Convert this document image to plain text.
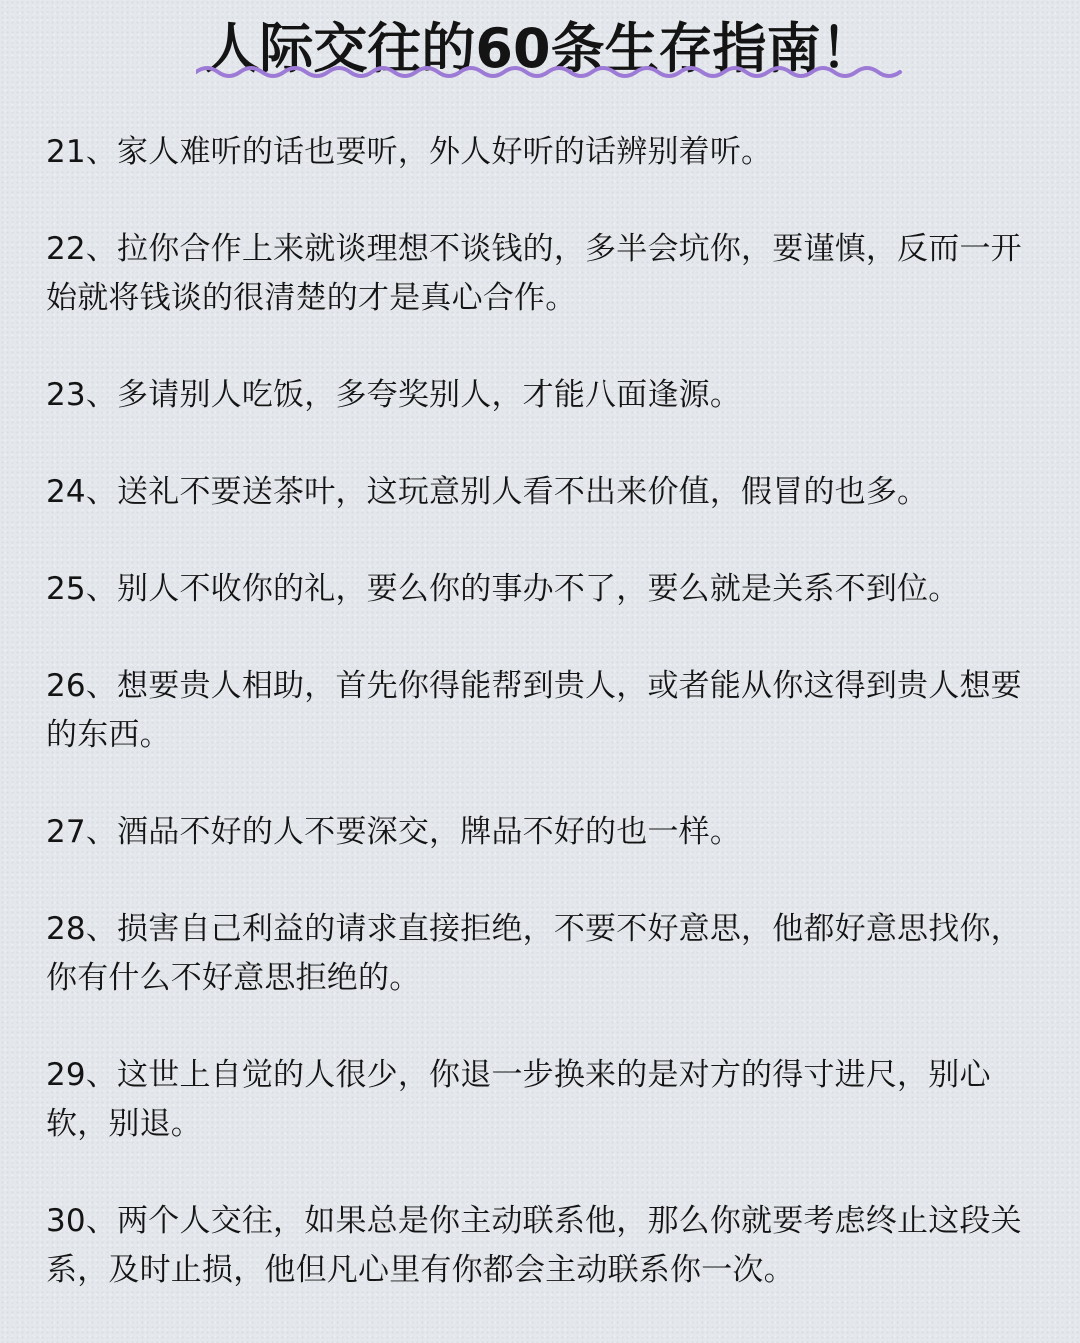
人际交往的60条生存指南！

21、家人难听的话也要听，外人好听的话辨别着听。

22、拉你合作上来就谈理想不谈钱的，多半会坑你，要谨慎，反而一开始就将钱谈的很清楚的才是真心合作。

23、多请别人吃饭，多夸奖别人，才能八面逢源。

24、送礼不要送茶叶，这玩意别人看不出来价值，假冒的也多。

25、别人不收你的礼，要么你的事办不了，要么就是关系不到位。

26、想要贵人相助，首先你得能帮到贵人，或者能从你这得到贵人想要的东西。

27、酒品不好的人不要深交，牌品不好的也一样。

28、损害自己利益的请求直接拒绝，不要不好意思，他都好意思找你，你有什么不好意思拒绝的。

29、这世上自觉的人很少，你退一步换来的是对方的得寸进尺，别心软，别退。

30、两个人交往，如果总是你主动联系他，那么你就要考虑终止这段关系，及时止损，他但凡心里有你都会主动联系你一次。
